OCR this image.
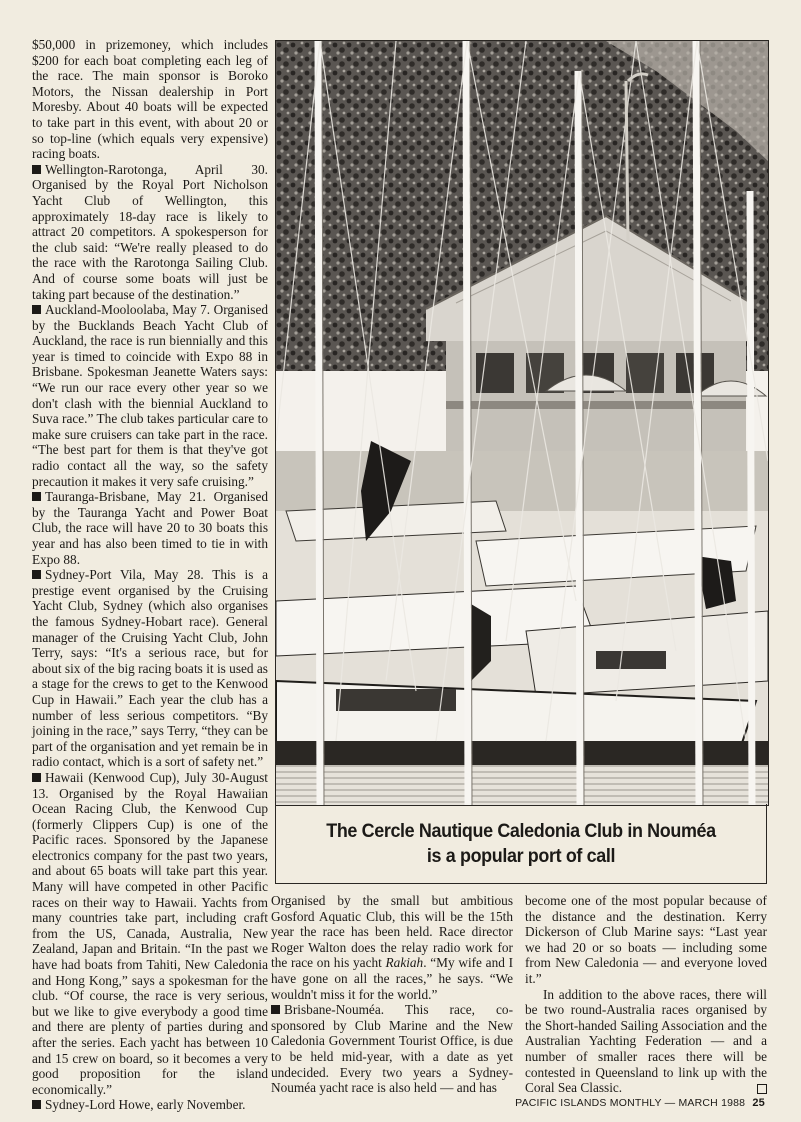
$50,000 in prizemoney, which includes $200 for each boat completing each leg of the race. The main sponsor is Boroko Motors, the Nissan dealership in Port Moresby. About 40 boats will be expected to take part in this event, with about 20 or so top-line (which equals very expensive) racing boats.

Wellington-Rarotonga, April 30. Organised by the Royal Port Nicholson Yacht Club of Wellington, this approximately 18-day race is likely to attract 20 competitors. A spokesperson for the club said: “We're really pleased to do the race with the Rarotonga Sailing Club. And of course some boats will just be taking part because of the destination.”

Auckland-Mooloolaba, May 7. Organised by the Bucklands Beach Yacht Club of Auckland, the race is run biennially and this year is timed to coincide with Expo 88 in Brisbane. Spokesman Jeanette Waters says: “We run our race every other year so we don't clash with the biennial Auckland to Suva race.” The club takes particular care to make sure cruisers can take part in the race. “The best part for them is that they've got radio contact all the way, so the safety precaution it makes it very safe cruising.”

Tauranga-Brisbane, May 21. Organised by the Tauranga Yacht and Power Boat Club, the race will have 20 to 30 boats this year and has also been timed to tie in with Expo 88.

Sydney-Port Vila, May 28. This is a prestige event organised by the Cruising Yacht Club, Sydney (which also organises the famous Sydney-Hobart race). General manager of the Cruising Yacht Club, John Terry, says: “It's a serious race, but for about six of the big racing boats it is used as a stage for the crews to get to the Kenwood Cup in Hawaii.” Each year the club has a number of less serious competitors. “By joining in the race,” says Terry, “they can be part of the organisation and yet remain be in radio contact, which is a sort of safety net.”

Hawaii (Kenwood Cup), July 30-August 13. Organised by the Royal Hawaiian Ocean Racing Club, the Kenwood Cup (formerly Clippers Cup) is one of the Pacific races. Sponsored by the Japanese electronics company for the past two years, and about 65 boats will take part this year. Many will have competed in other Pacific races on their way to Hawaii. Yachts from many countries take part, including craft from the US, Canada, Australia, New Zealand, Japan and Britain. “In the past we have had boats from Tahiti, New Caledonia and Hong Kong,” says a spokesman for the club. “Of course, the race is very serious, but we like to give everybody a good time and there are plenty of parties during and after the series. Each yacht has between 10 and 15 crew on board, so it becomes a very good proposition for the island economically.”

Sydney-Lord Howe, early November.

The Cercle Nautique Caledonia Club in Nouméa is a popular port of call

Organised by the small but ambitious Gosford Aquatic Club, this will be the 15th year the race has been held. Race director Roger Walton does the relay radio work for the race on his yacht Rakiah. “My wife and I have gone on all the races,” he says. “We wouldn't miss it for the world.”

Brisbane-Nouméa. This race, co-sponsored by Club Marine and the New Caledonia Government Tourist Office, is due to be held mid-year, with a date as yet undecided. Every two years a Sydney-Nouméa yacht race is also held — and has

become one of the most popular because of the distance and the destination. Kerry Dickerson of Club Marine says: “Last year we had 20 or so boats — including some from New Caledonia — and everyone loved it.”

In addition to the above races, there will be two round-Australia races organised by the Short-handed Sailing Association and the Australian Yachting Federation — and a number of smaller races there will be contested in Queensland to link up with the Coral Sea Classic.

PACIFIC ISLANDS MONTHLY — MARCH 1988 25
